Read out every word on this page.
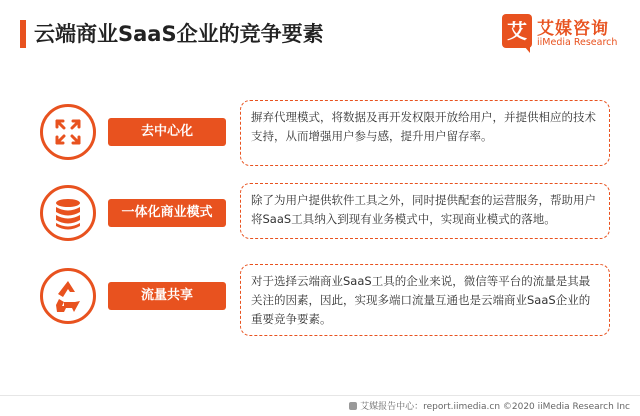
云端商业SaaS企业的竞争要素	艾 艾媒咨询
iiMedia Research
去中心化
摒弃代理模式，将数据及再开发权限开放给用户，并提供相应的技术支持，从而增强用户参与感，提升用户留存率。
一体化商业模式
除了为用户提供软件工具之外，同时提供配套的运营服务，帮助用户将SaaS工具纳入到现有业务模式中，实现商业模式的落地。
流量共享
对于选择云端商业SaaS工具的企业来说，微信等平台的流量是其最关注的因素，因此，实现多端口流量互通也是云端商业SaaS企业的重要竞争要素。
艾媒报告中心：report.iimedia.cn ©2020 iiMedia Research Inc
